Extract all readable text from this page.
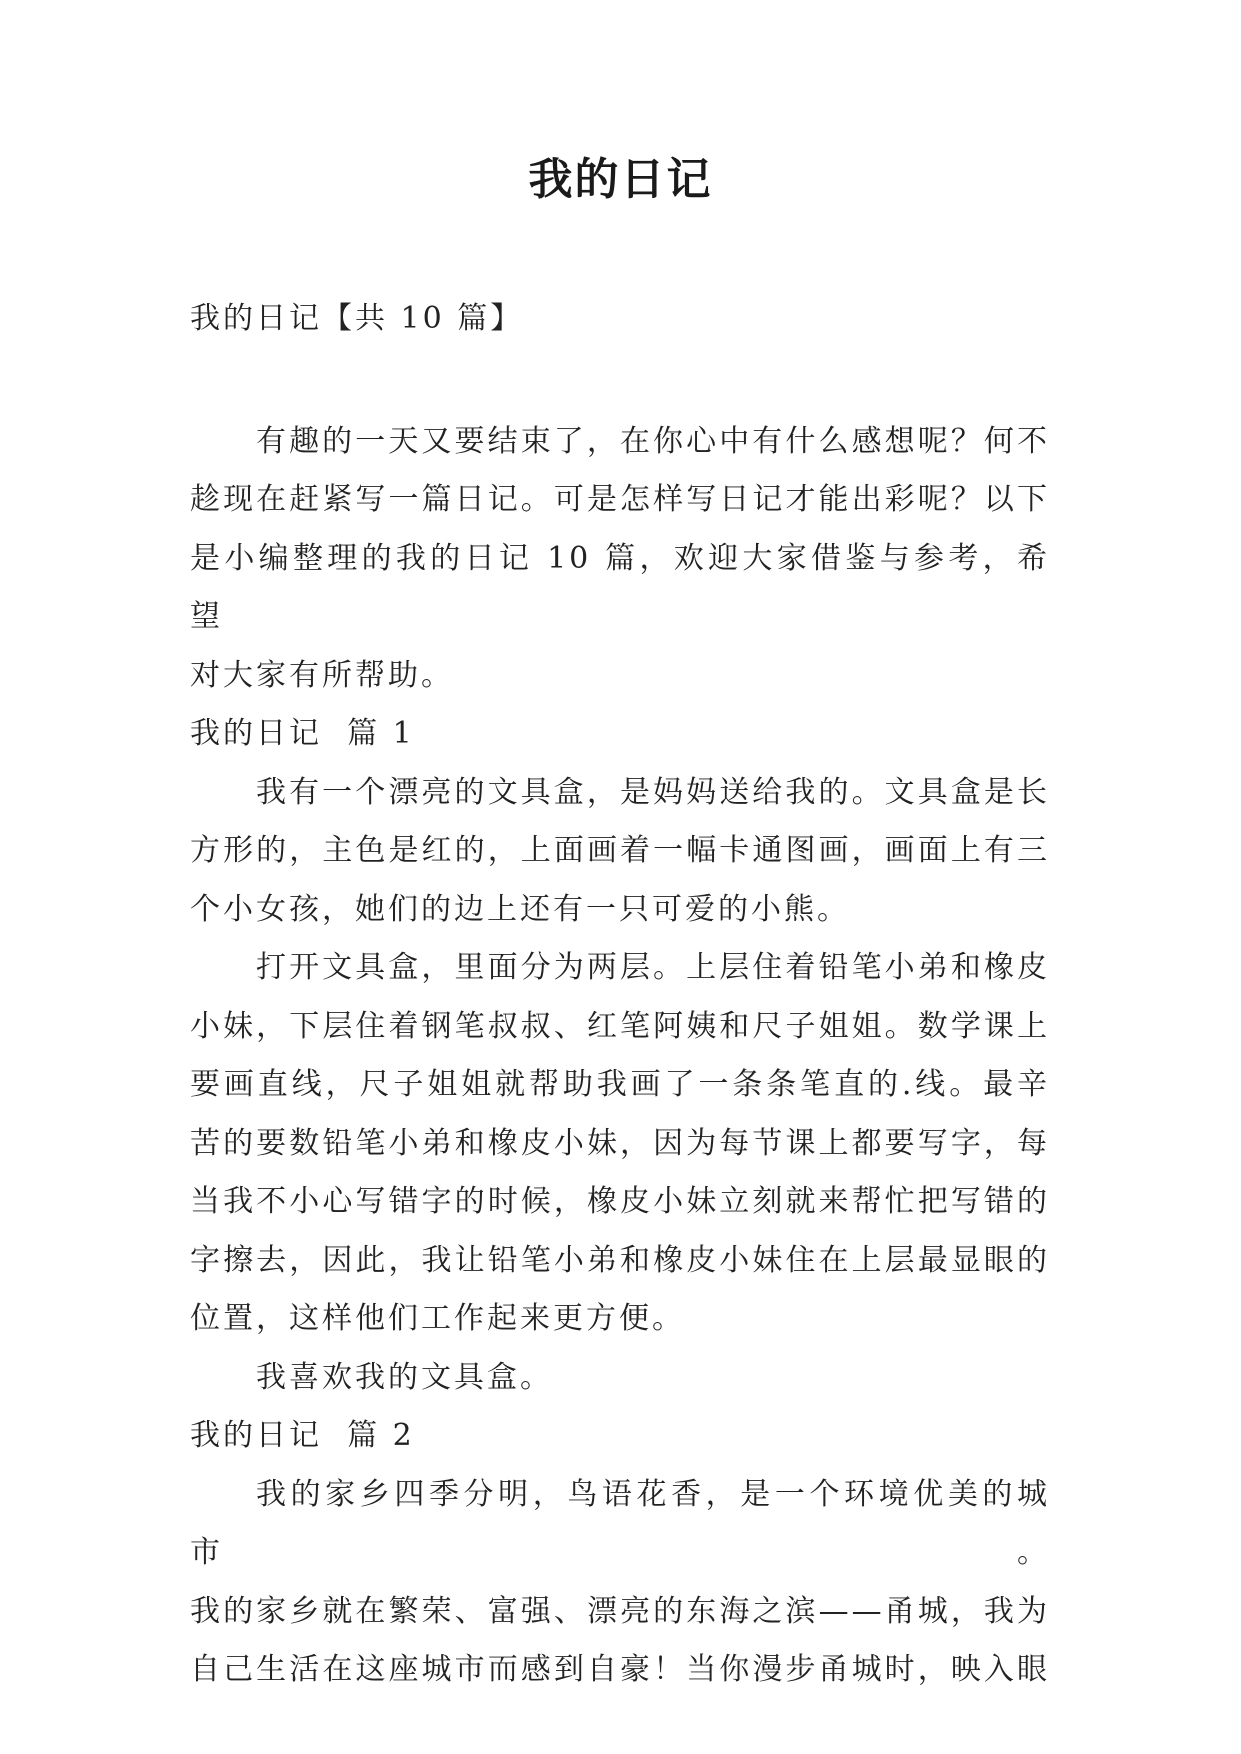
我的日记

我的日记【共 10 篇】

有趣的一天又要结束了，在你心中有什么感想呢？何不

趁现在赶紧写一篇日记。可是怎样写日记才能出彩呢？以下

是小编整理的我的日记 10 篇，欢迎大家借鉴与参考，希望

对大家有所帮助。

我的日记  篇 1

我有一个漂亮的文具盒，是妈妈送给我的。文具盒是长

方形的，主色是红的，上面画着一幅卡通图画，画面上有三

个小女孩，她们的边上还有一只可爱的小熊。

打开文具盒，里面分为两层。上层住着铅笔小弟和橡皮

小妹，下层住着钢笔叔叔、红笔阿姨和尺子姐姐。数学课上

要画直线，尺子姐姐就帮助我画了一条条笔直的.线。最辛

苦的要数铅笔小弟和橡皮小妹，因为每节课上都要写字，每

当我不小心写错字的时候，橡皮小妹立刻就来帮忙把写错的

字擦去，因此，我让铅笔小弟和橡皮小妹住在上层最显眼的

位置，这样他们工作起来更方便。

我喜欢我的文具盒。

我的日记  篇 2

我的家乡四季分明，鸟语花香，是一个环境优美的城市。

我的家乡就在繁荣、富强、漂亮的东海之滨——甬城，我为

自己生活在这座城市而感到自豪！当你漫步甬城时，映入眼
